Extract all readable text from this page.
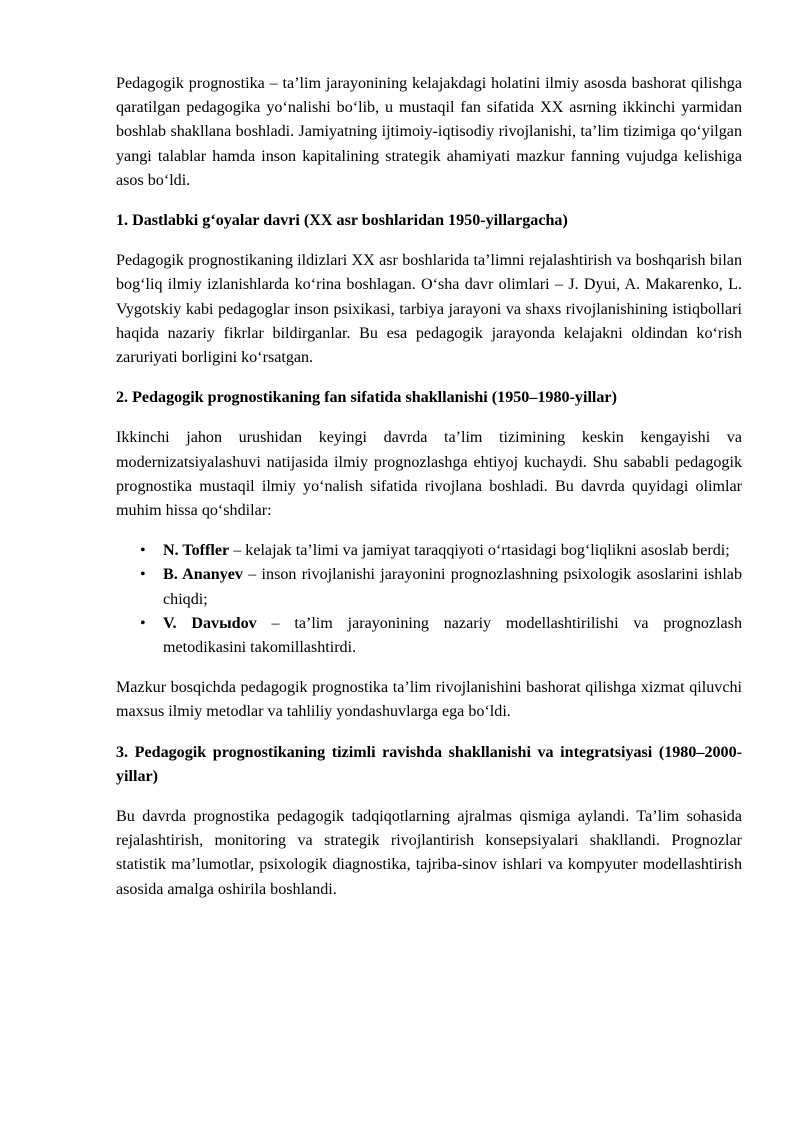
Pedagogik prognostika – ta’lim jarayonining kelajakdagi holatini ilmiy asosda bashorat qilishga qaratilgan pedagogika yo‘nalishi bo‘lib, u mustaqil fan sifatida XX asrning ikkinchi yarmidan boshlab shakllana boshladi. Jamiyatning ijtimoiy-iqtisodiy rivojlanishi, ta’lim tizimiga qo‘yilgan yangi talablar hamda inson kapitalining strategik ahamiyati mazkur fanning vujudga kelishiga asos bo‘ldi.

1. Dastlabki g‘oyalar davri (XX asr boshlaridan 1950-yillargacha)

Pedagogik prognostikaning ildizlari XX asr boshlarida ta’limni rejalashtirish va boshqarish bilan bog‘liq ilmiy izlanishlarda ko‘rina boshlagan. O‘sha davr olimlari – J. Dyui, A. Makarenko, L. Vygotskiy kabi pedagoglar inson psixikasi, tarbiya jarayoni va shaxs rivojlanishining istiqbollari haqida nazariy fikrlar bildirganlar. Bu esa pedagogik jarayonda kelajakni oldindan ko‘rish zaruriyati borligini ko‘rsatgan.

2. Pedagogik prognostikaning fan sifatida shakllanishi (1950–1980-yillar)

Ikkinchi jahon urushidan keyingi davrda ta’lim tizimining keskin kengayishi va modernizatsiyalashuvi natijasida ilmiy prognozlashga ehtiyoj kuchaydi. Shu sababli pedagogik prognostika mustaqil ilmiy yo‘nalish sifatida rivojlana boshladi. Bu davrda quyidagi olimlar muhim hissa qo‘shdilar:

• N. Toffler – kelajak ta’limi va jamiyat taraqqiyoti o‘rtasidagi bog‘liqlikni asoslab berdi;
• B. Ananyev – inson rivojlanishi jarayonini prognozlashning psixologik asoslarini ishlab chiqdi;
• V. Davыdov – ta’lim jarayonining nazariy modellashtirilishi va prognozlash metodikasini takomillashtirdi.

Mazkur bosqichda pedagogik prognostika ta’lim rivojlanishini bashorat qilishga xizmat qiluvchi maxsus ilmiy metodlar va tahliliy yondashuvlarga ega bo‘ldi.

3. Pedagogik prognostikaning tizimli ravishda shakllanishi va integratsiyasi (1980–2000-yillar)

Bu davrda prognostika pedagogik tadqiqotlarning ajralmas qismiga aylandi. Ta’lim sohasida rejalashtirish, monitoring va strategik rivojlantirish konsepsiyalari shakllandi. Prognozlar statistik ma’lumotlar, psixologik diagnostika, tajriba-sinov ishlari va kompyuter modellashtirish asosida amalga oshirila boshlandi.
